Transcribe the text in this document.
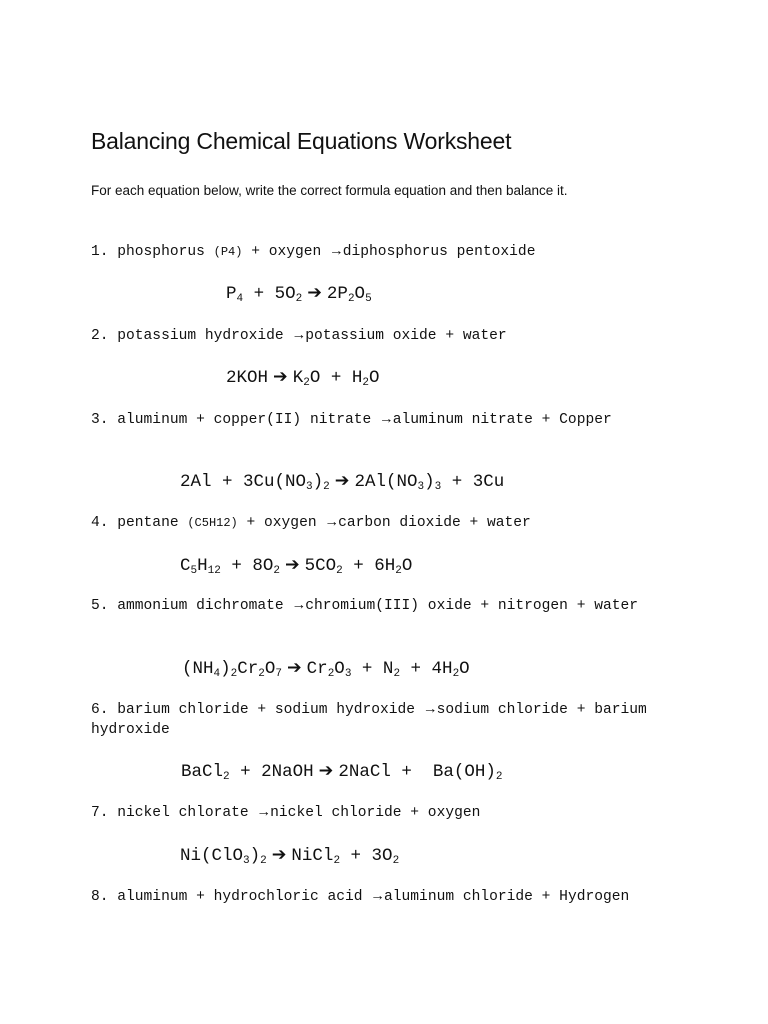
Balancing Chemical Equations Worksheet
For each equation below, write the correct formula equation and then balance it.
1. phosphorus (P4) + oxygen → diphosphorus pentoxide
$P_4 + 5O_2$ ➔ $2P_2O_5$
2. potassium hydroxide → potassium oxide + water
2KOH ➔ $K_2O + H_2O$
3. aluminum + copper(II) nitrate → aluminum nitrate + Copper
$2Al + 3Cu(NO_3)_2$ ➔ $2Al(NO_3)_3 + 3Cu$
4. pentane (C5H12) + oxygen → carbon dioxide + water
$C_5H_{12} + 8O_2$ ➔ $5CO_2 + 6H_2O$
5. ammonium dichromate → chromium(III) oxide + nitrogen + water
$(NH_4)_2Cr_2O_7$ ➔ $Cr_2O_3 + N_2 + 4H_2O$
6. barium chloride + sodium hydroxide → sodium chloride + barium hydroxide
BaCl$_2$ + 2NaOH ➔ 2NaCl +  $Ba(OH)_2$
7. nickel chlorate → nickel chloride + oxygen
$Ni(ClO_3)_2$ ➔ NiCl$_2$ + $3O_2$
8. aluminum + hydrochloric acid → aluminum chloride + Hydrogen
